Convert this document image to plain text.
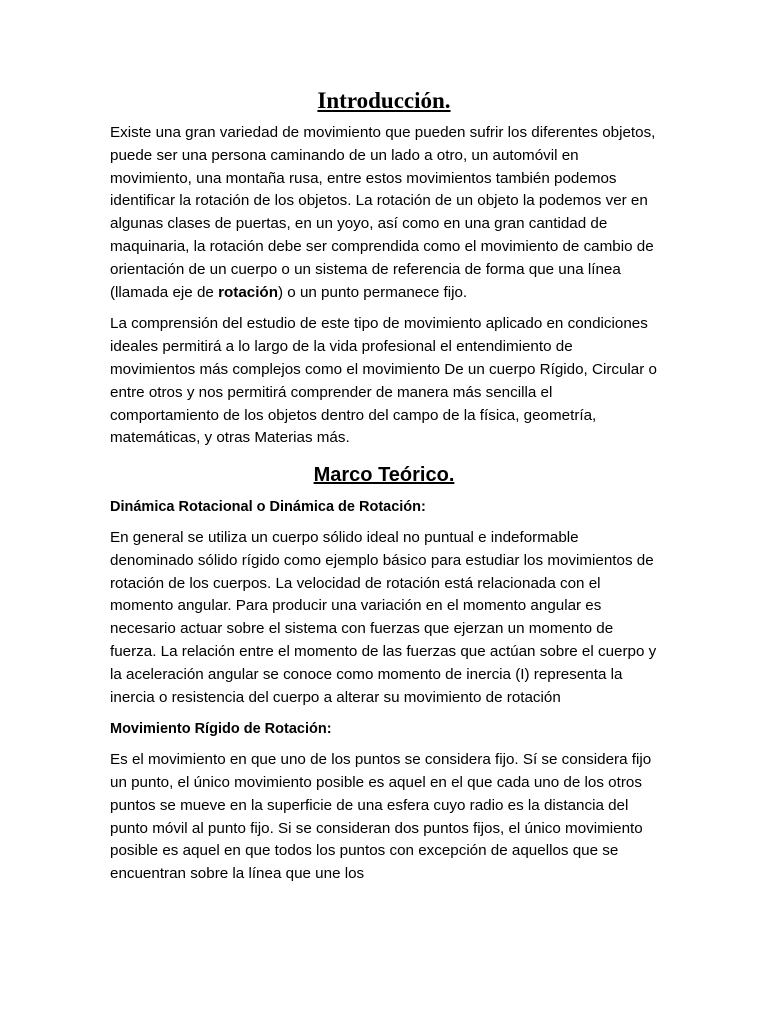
Introducción.

Existe una gran variedad de movimiento que pueden sufrir los diferentes objetos, puede ser una persona caminando de un lado a otro, un automóvil en movimiento, una montaña rusa, entre estos movimientos también podemos identificar la rotación de los objetos. La rotación de un objeto la podemos ver en algunas clases de puertas, en un yoyo, así como en una gran cantidad de maquinaria, la rotación debe ser comprendida como el movimiento de cambio de orientación de un cuerpo o un sistema de referencia de forma que una línea (llamada eje de rotación) o un punto permanece fijo.

La comprensión del estudio de este tipo de movimiento aplicado en condiciones ideales permitirá a lo largo de la vida profesional el entendimiento de movimientos más complejos como el movimiento De un cuerpo Rígido, Circular o entre otros y nos permitirá comprender de manera más sencilla el comportamiento de los objetos dentro del campo de la física, geometría, matemáticas, y otras Materias más.

Marco Teórico.

Dinámica Rotacional o Dinámica de Rotación:

En general se utiliza un cuerpo sólido ideal no puntual e indeformable denominado sólido rígido como ejemplo básico para estudiar los movimientos de rotación de los cuerpos. La velocidad de rotación está relacionada con el momento angular. Para producir una variación en el momento angular es necesario actuar sobre el sistema con fuerzas que ejerzan un momento de fuerza. La relación entre el momento de las fuerzas que actúan sobre el cuerpo y la aceleración angular se conoce como momento de inercia (I) representa la inercia o resistencia del cuerpo a alterar su movimiento de rotación

Movimiento Rígido de Rotación:

Es el movimiento en que uno de los puntos se considera fijo. Sí se considera fijo un punto, el único movimiento posible es aquel en el que cada uno de los otros puntos se mueve en la superficie de una esfera cuyo radio es la distancia del punto móvil al punto fijo. Si se consideran dos puntos fijos, el único movimiento posible es aquel en que todos los puntos con excepción de aquellos que se encuentran sobre la línea que une los
